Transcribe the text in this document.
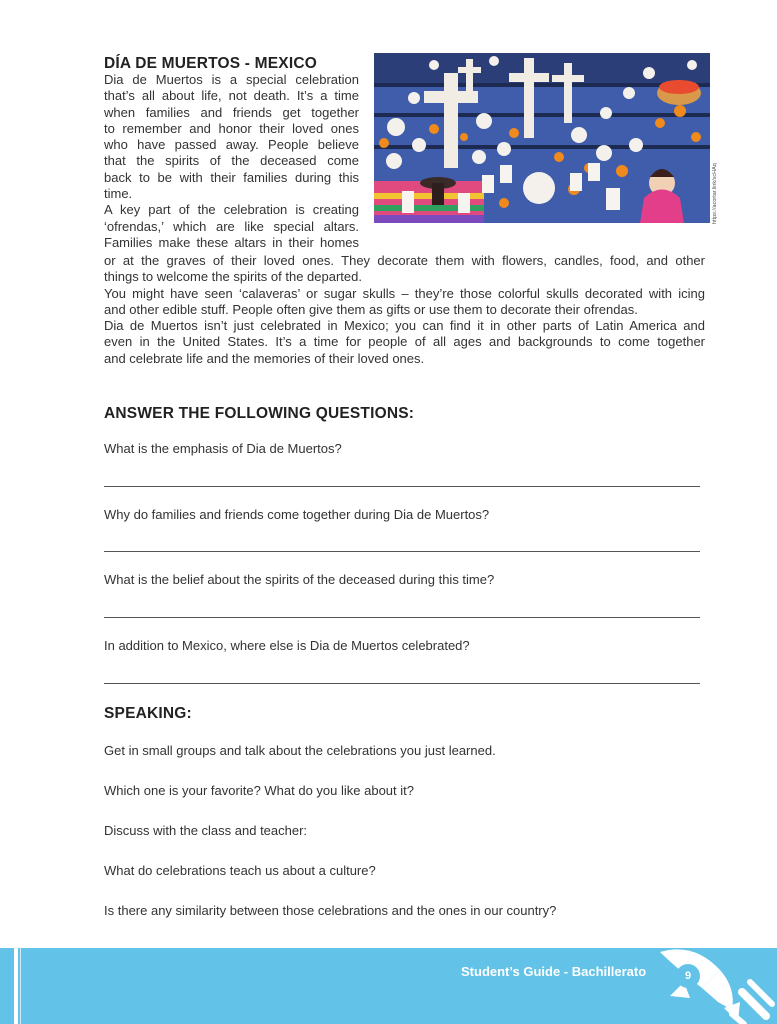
DÍA DE MUERTOS - MEXICO
Dia de Muertos is a special celebration
that’s all about life, not death. It’s a time
when families and friends get together
to remember and honor their loved ones
who have passed away. People believe
that the spirits of the deceased come
back to be with their families during this
time.
A key part of the celebration is creating
‘ofrendas,’ which are like special altars.
Families make these altars in their homes
https://acortar.link/xcHAq
or at the graves of their loved ones. They decorate them with flowers, candles, food, and other
things to welcome the spirits of the departed.
You might have seen ‘calaveras’ or sugar skulls – they’re those colorful skulls decorated with icing
and other edible stuff. People often give them as gifts or use them to decorate their ofrendas.
Dia de Muertos isn’t just celebrated in Mexico; you can find it in other parts of Latin America and
even in the United States. It’s a time for people of all ages and backgrounds to come together
and celebrate life and the memories of their loved ones.
ANSWER THE FOLLOWING QUESTIONS:
What is the emphasis of Dia de Muertos?
Why do families and friends come together during Dia de Muertos?
What is the belief about the spirits of the deceased during this time?
In addition to Mexico, where else is Dia de Muertos celebrated?
SPEAKING:
Get in small groups and talk about the celebrations you just learned.
Which one is your favorite? What do you like about it?
Discuss with the class and teacher:
What do celebrations teach us about a culture?
Is there any similarity between those celebrations and the ones in our country?
Student’s Guide - Bachillerato	9
